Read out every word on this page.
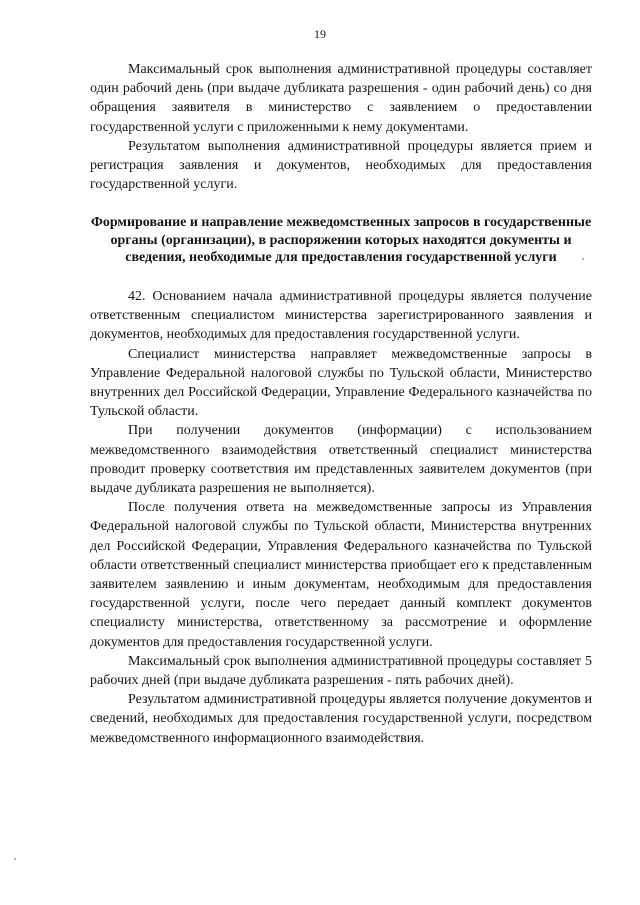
19

Максимальный срок выполнения административной процедуры составляет один рабочий день (при выдаче дубликата разрешения - один рабочий день) со дня обращения заявителя в министерство с заявлением о предоставлении государственной услуги с приложенными к нему документами.

Результатом выполнения административной процедуры является прием и регистрация заявления и документов, необходимых для предоставления государственной услуги.

Формирование и направление межведомственных запросов в государственные органы (организации), в распоряжении которых находятся документы и сведения, необходимые для предоставления государственной услуги

42. Основанием начала административной процедуры является получение ответственным специалистом министерства зарегистрированного заявления и документов, необходимых для предоставления государственной услуги.

Специалист министерства направляет межведомственные запросы в Управление Федеральной налоговой службы по Тульской области, Министерство внутренних дел Российской Федерации, Управление Федерального казначейства по Тульской области.

При получении документов (информации) с использованием межведомственного взаимодействия ответственный специалист министерства проводит проверку соответствия им представленных заявителем документов (при выдаче дубликата разрешения не выполняется).

После получения ответа на межведомственные запросы из Управления Федеральной налоговой службы по Тульской области, Министерства внутренних дел Российской Федерации, Управления Федерального казначейства по Тульской области ответственный специалист министерства приобщает его к представленным заявителем заявлению и иным документам, необходимым для предоставления государственной услуги, после чего передает данный комплект документов специалисту министерства, ответственному за рассмотрение и оформление документов для предоставления государственной услуги.

Максимальный срок выполнения административной процедуры составляет 5 рабочих дней (при выдаче дубликата разрешения - пять рабочих дней).

Результатом административной процедуры является получение документов и сведений, необходимых для предоставления государственной услуги, посредством межведомственного информационного взаимодействия.
